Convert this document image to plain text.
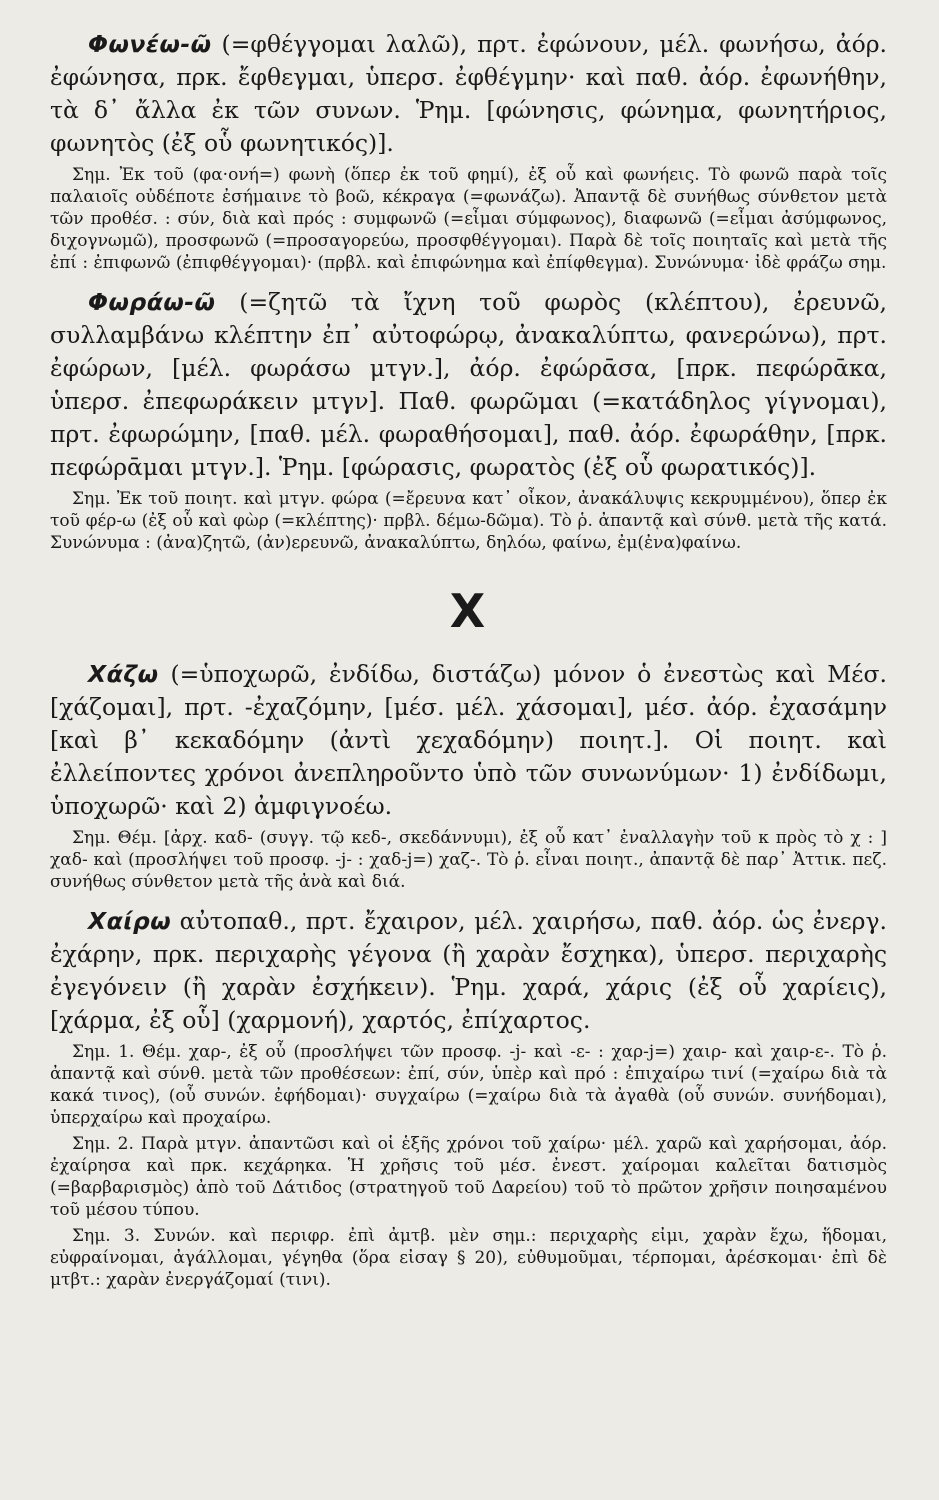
Φωνέω-ῶ (=φθέγγομαι λαλῶ), πρτ. ἐφώνουν, μέλ. φωνήσω, ἀόρ. ἐφώνησα, πρκ. ἔφθεγμαι, ὑπερσ. ἐφθέγμην· καὶ παθ. ἀόρ. ἐφωνήθην, τὰ δ᾽ ἄλλα ἐκ τῶν συνων. Ῥημ. [φώνησις, φώνημα, φωνητήριος, φωνητὸς (ἐξ οὗ φωνητικός)].

Σημ. Ἐκ τοῦ (φα·ονή=) φωνὴ (ὅπερ ἐκ τοῦ φημί), ἐξ οὗ καὶ φωνήεις. Τὸ φωνῶ παρὰ τοῖς παλαιοῖς οὐδέποτε ἐσήμαινε τὸ βοῶ, κέκραγα (=φωνάζω). Ἀπαντᾷ δὲ συνήθως σύνθετον μετὰ τῶν προθέσ. : σύν, διὰ καὶ πρός : συμφωνῶ (=εἶμαι σύμφωνος), διαφωνῶ (=εἶμαι ἀσύμφωνος, διχογνωμῶ), προσφωνῶ (=προσαγορεύω, προσφθέγγομαι). Παρὰ δὲ τοῖς ποιηταῖς καὶ μετὰ τῆς ἐπί : ἐπιφωνῶ (ἐπιφθέγγομαι)· (πρβλ. καὶ ἐπιφώνημα καὶ ἐπίφθεγμα). Συνώνυμα· ἰδὲ φράζω σημ.

Φωράω-ῶ (=ζητῶ τὰ ἴχνη τοῦ φωρὸς (κλέπτου), ἐρευνῶ, συλλαμβάνω κλέπτην ἐπ᾽ αὐτοφώρῳ, ἀνακαλύπτω, φανερώνω), πρτ. ἐφώρων, [μέλ. φωράσω μτγν.], ἀόρ. ἐφώρᾱσα, [πρκ. πεφώρᾱκα, ὑπερσ. ἐπεφωράκειν μτγν]. Παθ. φωρῶμαι (=κατάδηλος γίγνομαι), πρτ. ἐφωρώμην, [παθ. μέλ. φωραθήσομαι], παθ. ἀόρ. ἐφωράθην, [πρκ. πεφώρᾱμαι μτγν.]. Ῥημ. [φώρασις, φωρατὸς (ἐξ οὗ φωρατικός)].

Σημ. Ἐκ τοῦ ποιητ. καὶ μτγν. φώρα (=ἔρευνα κατ᾽ οἶκον, ἀνακάλυψις κεκρυμμένου), ὅπερ ἐκ τοῦ φέρ-ω (ἐξ οὗ καὶ φὼρ (=κλέπτης)· πρβλ. δέμω-δῶμα). Τὸ ῥ. ἀπαντᾷ καὶ σύνθ. μετὰ τῆς κατά. Συνώνυμα : (ἀνα)ζητῶ, (ἀν)ερευνῶ, ἀνακαλύπτω, δηλόω, φαίνω, ἐμ(ἐνα)φαίνω.

Χ

Χάζω (=ὑποχωρῶ, ἐνδίδω, διστάζω) μόνον ὁ ἐνεστὼς καὶ Μέσ. [χάζομαι], πρτ. -ἐχαζόμην, [μέσ. μέλ. χάσομαι], μέσ. ἀόρ. ἐχασάμην [καὶ β᾽ κεκαδόμην (ἀντὶ χεχαδόμην) ποιητ.]. Οἱ ποιητ. καὶ ἐλλείποντες χρόνοι ἀνεπληροῦντο ὑπὸ τῶν συνωνύμων· 1) ἐνδίδωμι, ὑποχωρῶ· καὶ 2) ἀμφιγνοέω.

Σημ. Θέμ. [ἀρχ. καδ- (συγγ. τῷ κεδ-, σκεδάννυμι), ἐξ οὗ κατ᾽ ἐναλλαγὴν τοῦ κ πρὸς τὸ χ : ] χαδ- καὶ (προσλήψει τοῦ προσφ. -j- : χαδ-j=) χαζ-. Τὸ ῥ. εἶναι ποιητ., ἀπαντᾷ δὲ παρ᾽ Ἀττικ. πεζ. συνήθως σύνθετον μετὰ τῆς ἀνὰ καὶ διά.

Χαίρω αὐτοπαθ., πρτ. ἔχαιρον, μέλ. χαιρήσω, παθ. ἀόρ. ὡς ἐνεργ. ἐχάρην, πρκ. περιχαρὴς γέγονα (ἢ χαρὰν ἔσχηκα), ὑπερσ. περιχαρὴς ἐγεγόνειν (ἢ χαρὰν ἐσχήκειν). Ῥημ. χαρά, χάρις (ἐξ οὗ χαρίεις), [χάρμα, ἐξ οὗ] (χαρμονή), χαρτός, ἐπίχαρτος.

Σημ. 1. Θέμ. χαρ-, ἐξ οὗ (προσλήψει τῶν προσφ. -j- καὶ -ε- : χαρ-j=) χαιρ- καὶ χαιρ-ε-. Τὸ ῥ. ἀπαντᾷ καὶ σύνθ. μετὰ τῶν προθέσεων: ἐπί, σύν, ὑπὲρ καὶ πρό : ἐπιχαίρω τινί (=χαίρω διὰ τὰ κακά τινος), (οὗ συνών. ἐφήδομαι)· συγχαίρω (=χαίρω διὰ τὰ ἀγαθὰ (οὗ συνών. συνήδομαι), ὑπερχαίρω καὶ προχαίρω.

Σημ. 2. Παρὰ μτγν. ἀπαντῶσι καὶ οἱ ἑξῆς χρόνοι τοῦ χαίρω· μέλ. χαρῶ καὶ χαρήσομαι, ἀόρ. ἐχαίρησα καὶ πρκ. κεχάρηκα. Ἡ χρῆσις τοῦ μέσ. ἐνεστ. χαίρομαι καλεῖται δατισμὸς (=βαρβαρισμὸς) ἀπὸ τοῦ Δάτιδος (στρατηγοῦ τοῦ Δαρείου) τοῦ τὸ πρῶτον χρῆσιν ποιησαμένου τοῦ μέσου τύπου.

Σημ. 3. Συνών. καὶ περιφρ. ἐπὶ ἀμτβ. μὲν σημ.: περιχαρὴς εἰμι, χαρὰν ἔχω, ἥδομαι, εὐφραίνομαι, ἀγάλλομαι, γέγηθα (ὅρα εἰσαγ § 20), εὐθυμοῦμαι, τέρπομαι, ἀρέσκομαι· ἐπὶ δὲ μτβτ.: χαρὰν ἐνεργάζομαί (τινι).
